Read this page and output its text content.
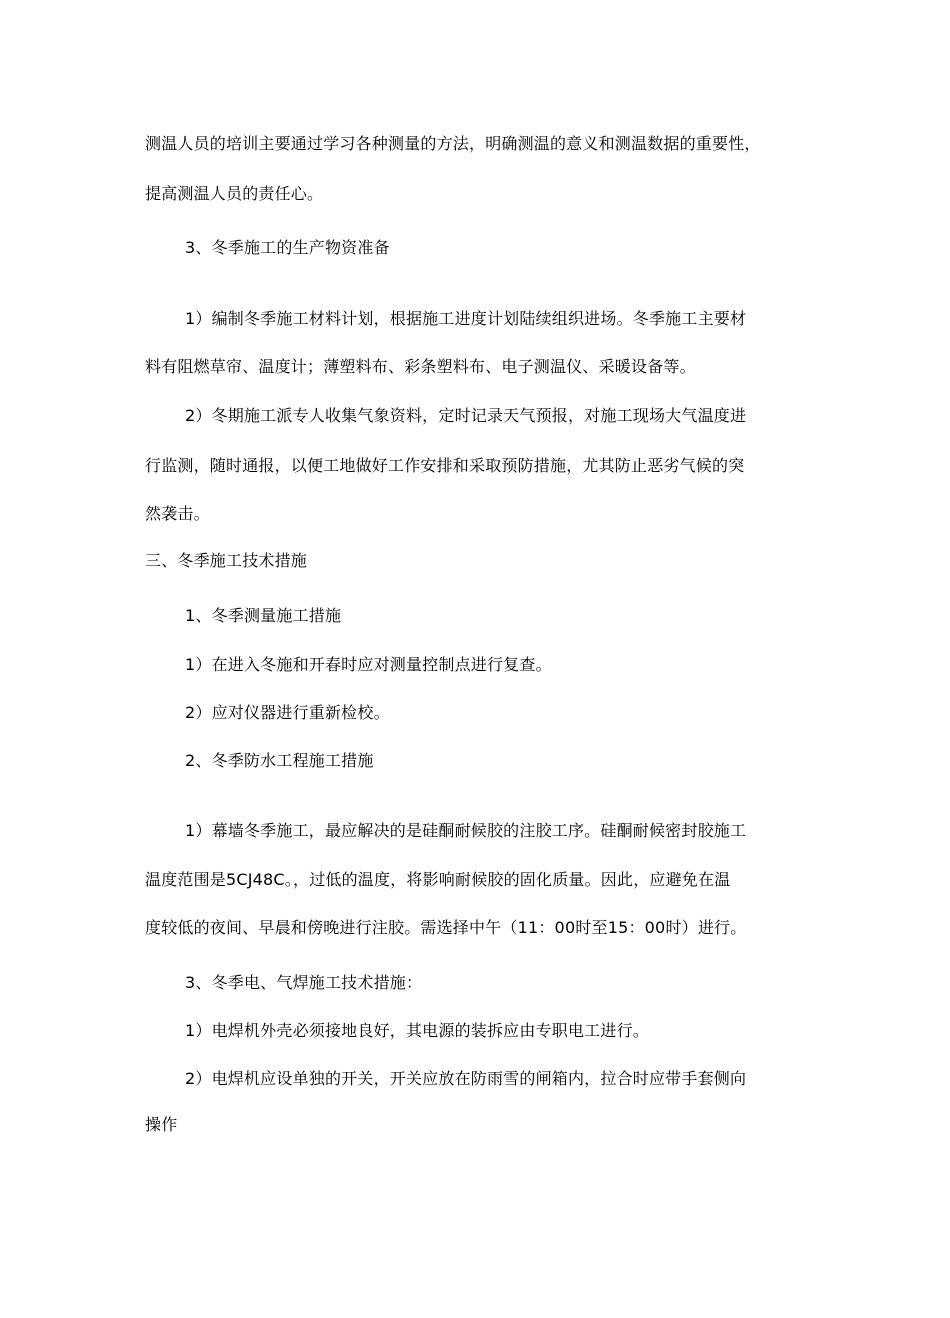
测温人员的培训主要通过学习各种测量的方法，明确测温的意义和测温数据的重要性，
提高测温人员的责任心。
3、冬季施工的生产物资准备
1）编制冬季施工材料计划，根据施工进度计划陆续组织进场。冬季施工主要材
料有阻燃草帘、温度计；薄塑料布、彩条塑料布、电子测温仪、采暖设备等。
2）冬期施工派专人收集气象资料，定时记录天气预报，对施工现场大气温度进
行监测，随时通报，以便工地做好工作安排和采取预防措施，尤其防止恶劣气候的突
然袭击。
三、冬季施工技术措施
1、冬季测量施工措施
1）在进入冬施和开春时应对测量控制点进行复查。
2）应对仪器进行重新检校。
2、冬季防水工程施工措施
1）幕墙冬季施工，最应解决的是硅酮耐候胶的注胶工序。硅酮耐候密封胶施工
温度范围是5CJ48C。，过低的温度，将影响耐候胶的固化质量。因此，应避免在温
度较低的夜间、早晨和傍晚进行注胶。需选择中午（11：00时至15：00时）进行。
3、冬季电、气焊施工技术措施：
1）电焊机外壳必须接地良好，其电源的装拆应由专职电工进行。
2）电焊机应设单独的开关，开关应放在防雨雪的闸箱内，拉合时应带手套侧向
操作
